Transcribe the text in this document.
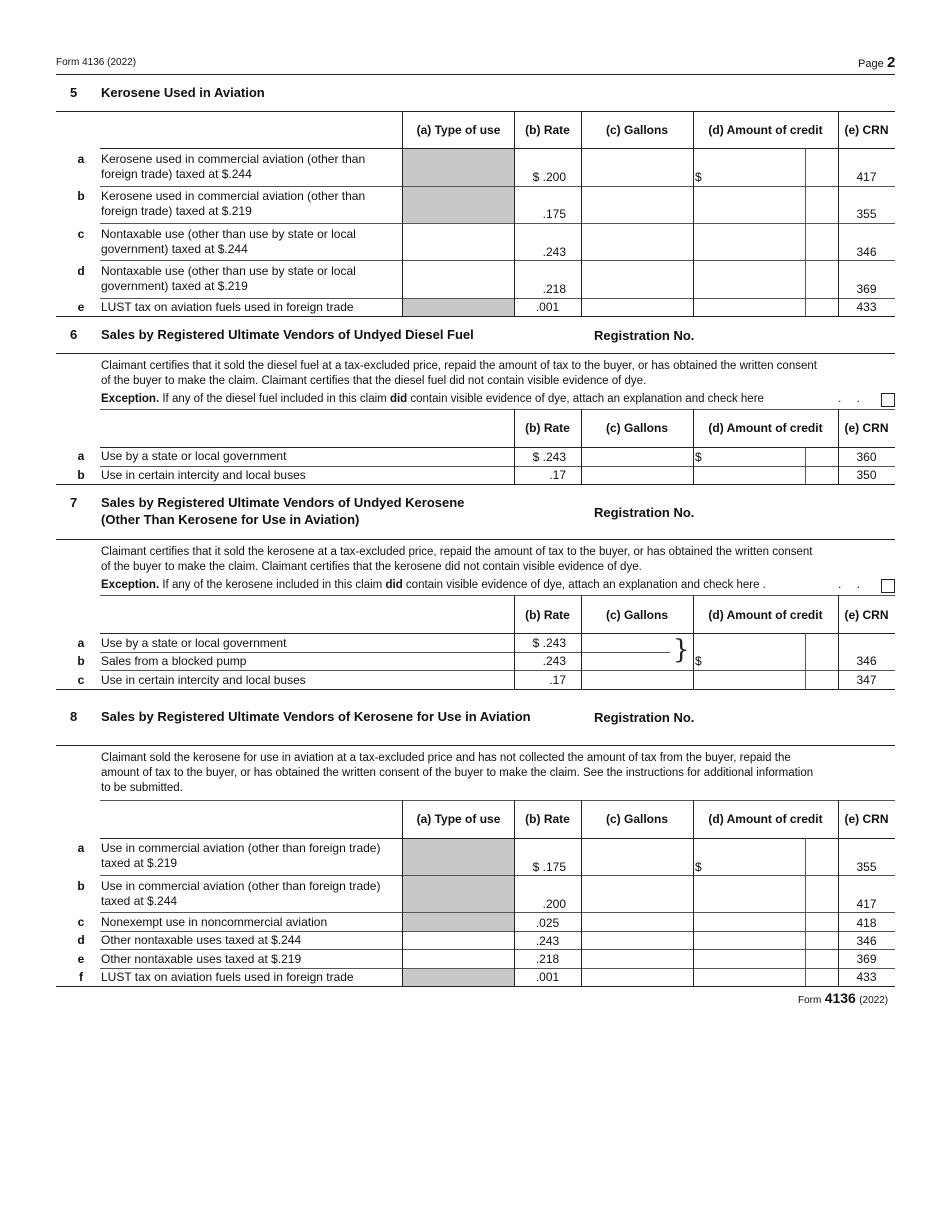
Form 4136 (2022)	Page 2
5 Kerosene Used in Aviation
(a) Type of use	(b) Rate	(c) Gallons	(d) Amount of credit	(e) CRN
a	Kerosene used in commercial aviation (other than
foreign trade) taxed at $.244	$ .200	$	417
b Kerosene used in commercial aviation (other than
foreign trade) taxed at $.219	.175	355
c	Nontaxable use (other than use by state or local
government) taxed at $.244	.243	346
d Nontaxable use (other than use by state or local
government) taxed at $.219	.218	369
e	LUST tax on aviation fuels used in foreign trade	.001	433
6 Sales by Registered Ultimate Vendors of Undyed Diesel Fuel	Registration No.
Claimant certifies that it sold the diesel fuel at a tax-excluded price, repaid the amount of tax to the buyer, or has obtained the written consent
of the buyer to make the claim. Claimant certifies that the diesel fuel did not contain visible evidence of dye.
Exception. If any of the diesel fuel included in this claim did contain visible evidence of dye, attach an explanation and check here	. .
(b) Rate	(c) Gallons	(d) Amount of credit	(e) CRN
a	Use by a state or local government	$ .243	$	360
b Use in certain intercity and local buses	.17	350
7 Sales by Registered Ultimate Vendors of Undyed Kerosene
(Other Than Kerosene for Use in Aviation)	Registration No.
Claimant certifies that it sold the kerosene at a tax-excluded price, repaid the amount of tax to the buyer, or has obtained the written consent
of the buyer to make the claim. Claimant certifies that the kerosene did not contain visible evidence of dye.
Exception. If any of the kerosene included in this claim did contain visible evidence of dye, attach an explanation and check here .	. .
(b) Rate	(c) Gallons	(d) Amount of credit	(e) CRN
}
a	Use by a state or local government	$ .243
b Sales from a blocked pump	.243	$	346
c	Use in certain intercity and local buses	.17	347
8 Sales by Registered Ultimate Vendors of Kerosene for Use in Aviation	Registration No.
Claimant sold the kerosene for use in aviation at a tax-excluded price and has not collected the amount of tax from the buyer, repaid the
amount of tax to the buyer, or has obtained the written consent of the buyer to make the claim. See the instructions for additional information
to be submitted.
(a) Type of use	(b) Rate	(c) Gallons	(d) Amount of credit	(e) CRN
a	Use in commercial aviation (other than foreign trade)
taxed at $.219	$ .175	$	355
b Use in commercial aviation (other than foreign trade)
taxed at $.244	.200	417
c	Nonexempt use in noncommercial aviation	.025	418
d Other nontaxable uses taxed at $.244	.243	346
e	Other nontaxable uses taxed at $.219	.218	369
f	LUST tax on aviation fuels used in foreign trade	.001	433
Form 4136 (2022)
